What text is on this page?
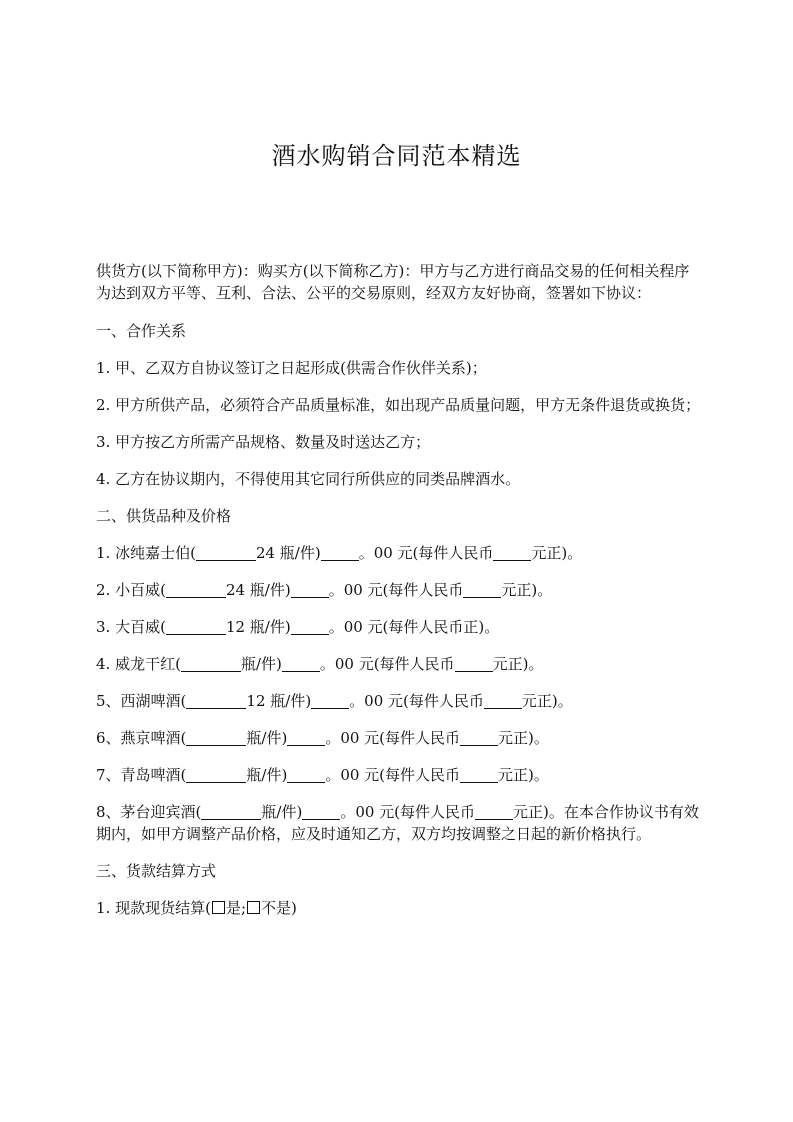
酒水购销合同范本精选

供货方(以下简称甲方)：购买方(以下简称乙方)：甲方与乙方进行商品交易的任何相关程序为达到双方平等、互利、合法、公平的交易原则，经双方友好协商，签署如下协议：

一、合作关系

1. 甲、乙双方自协议签订之日起形成(供需合作伙伴关系)；

2. 甲方所供产品，必须符合产品质量标准，如出现产品质量问题，甲方无条件退货或换货；

3. 甲方按乙方所需产品规格、数量及时送达乙方；

4. 乙方在协议期内，不得使用其它同行所供应的同类品牌酒水。

二、供货品种及价格

1. 冰纯嘉士伯(	24 瓶/件)	。00 元(每件人民币	元正)。

2. 小百威(	24 瓶/件)	。00 元(每件人民币	元正)。

3. 大百威(	12 瓶/件)	。00 元(每件人民币正)。

4. 威龙干红(	瓶/件)	。00 元(每件人民币	元正)。

5、西湖啤酒(	12 瓶/件)	。00 元(每件人民币	元正)。

6、燕京啤酒(	瓶/件)	。00 元(每件人民币	元正)。

7、青岛啤酒(	瓶/件)	。00 元(每件人民币	元正)。

8、茅台迎宾酒(	瓶/件)	。00 元(每件人民币	元正)。在本合作协议书有效期内，如甲方调整产品价格，应及时通知乙方，双方均按调整之日起的新价格执行。

三、货款结算方式

1. 现款现货结算( 是; 不是)
